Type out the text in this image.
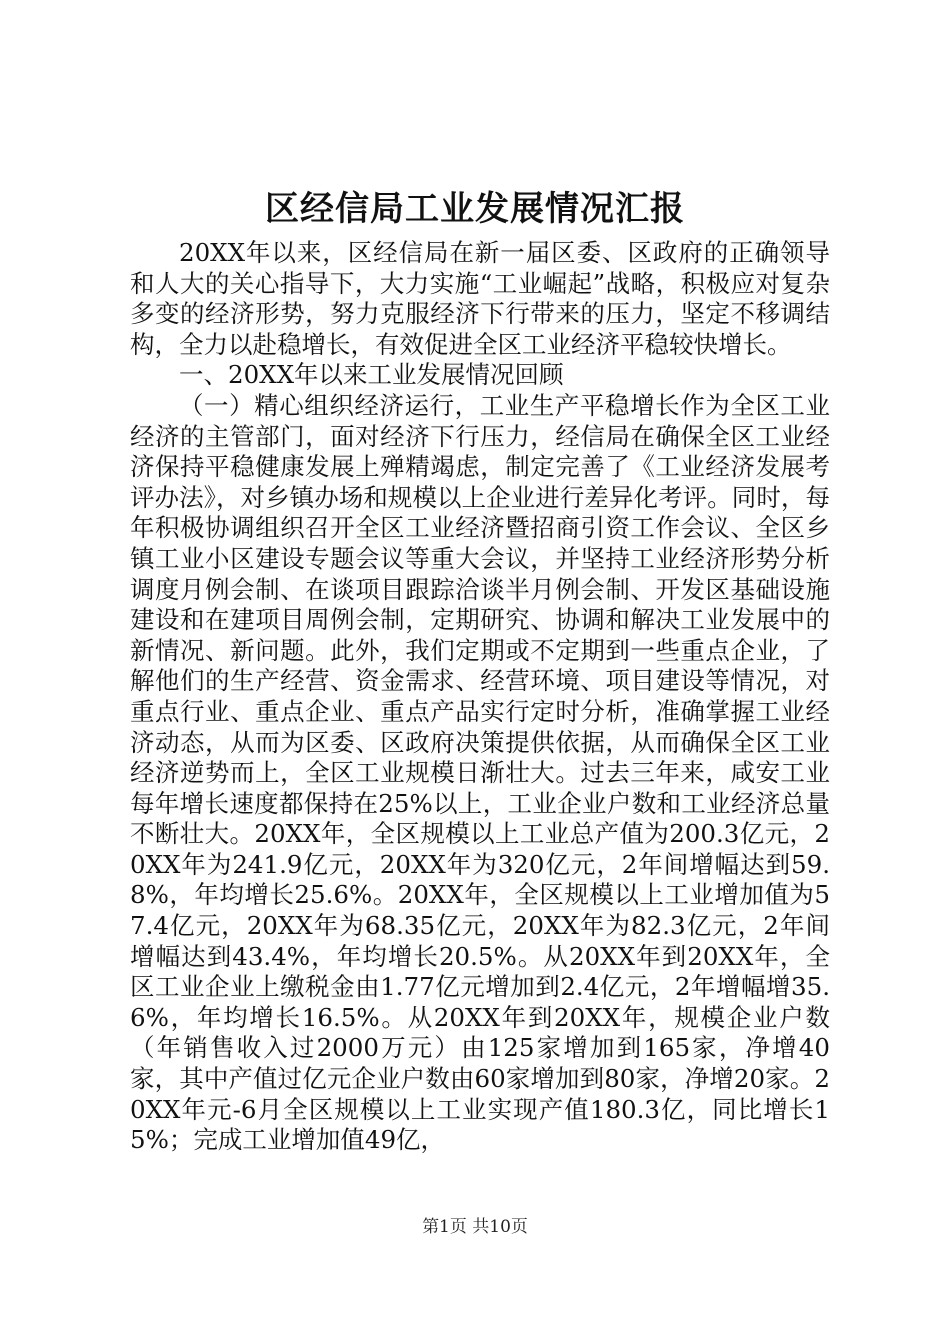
区经信局工业发展情况汇报

20XX年以来，区经信局在新一届区委、区政府的正确领导和人大的关心指导下，大力实施“工业崛起”战略，积极应对复杂多变的经济形势，努力克服经济下行带来的压力，坚定不移调结构，全力以赴稳增长，有效促进全区工业经济平稳较快增长。

一、20XX年以来工业发展情况回顾

（一）精心组织经济运行，工业生产平稳增长作为全区工业经济的主管部门，面对经济下行压力，经信局在确保全区工业经济保持平稳健康发展上殚精竭虑，制定完善了《工业经济发展考评办法》，对乡镇办场和规模以上企业进行差异化考评。同时，每年积极协调组织召开全区工业经济暨招商引资工作会议、全区乡镇工业小区建设专题会议等重大会议，并坚持工业经济形势分析调度月例会制、在谈项目跟踪洽谈半月例会制、开发区基础设施建设和在建项目周例会制，定期研究、协调和解决工业发展中的新情况、新问题。此外，我们定期或不定期到一些重点企业，了解他们的生产经营、资金需求、经营环境、项目建设等情况，对重点行业、重点企业、重点产品实行定时分析，准确掌握工业经济动态，从而为区委、区政府决策提供依据，从而确保全区工业经济逆势而上，全区工业规模日渐壮大。过去三年来，咸安工业每年增长速度都保持在25%以上，工业企业户数和工业经济总量不断壮大。20XX年，全区规模以上工业总产值为200.3亿元，20XX年为241.9亿元，20XX年为320亿元，2年间增幅达到59.8%，年均增长25.6%。20XX年，全区规模以上工业增加值为57.4亿元，20XX年为68.35亿元，20XX年为82.3亿元，2年间增幅达到43.4%，年均增长20.5%。从20XX年到20XX年，全区工业企业上缴税金由1.77亿元增加到2.4亿元，2年增幅增35.6%，年均增长16.5%。从20XX年到20XX年，规模企业户数（年销售收入过2000万元）由125家增加到165家，净增40家，其中产值过亿元企业户数由60家增加到80家，净增20家。20XX年元-6月全区规模以上工业实现产值180.3亿，同比增长15%；完成工业增加值49亿，

第1页 共10页
